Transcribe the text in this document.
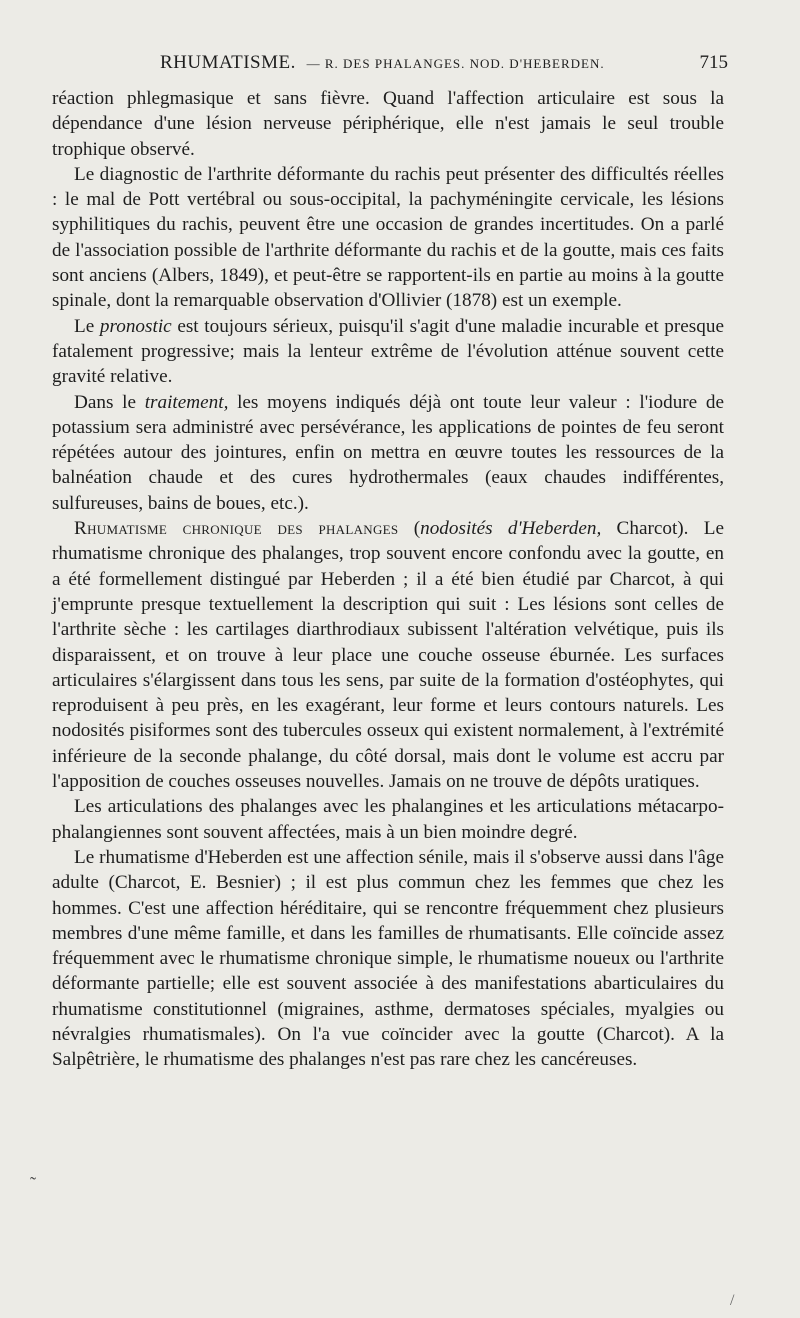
RHUMATISME. — R. DES PHALANGES. NOD. D'HEBERDEN.	715

réaction phlegmasique et sans fièvre. Quand l'affection articulaire est sous la dépendance d'une lésion nerveuse périphérique, elle n'est jamais le seul trouble trophique observé.

Le diagnostic de l'arthrite déformante du rachis peut présenter des difficultés réelles : le mal de Pott vertébral ou sous-occipital, la pachyméningite cervicale, les lésions syphilitiques du rachis, peuvent être une occasion de grandes incertitudes. On a parlé de l'association possible de l'arthrite déformante du rachis et de la goutte, mais ces faits sont anciens (Albers, 1849), et peut-être se rapportent-ils en partie au moins à la goutte spinale, dont la remarquable observation d'Ollivier (1878) est un exemple.

Le pronostic est toujours sérieux, puisqu'il s'agit d'une maladie incurable et presque fatalement progressive; mais la lenteur extrême de l'évolution atténue souvent cette gravité relative.

Dans le traitement, les moyens indiqués déjà ont toute leur valeur : l'iodure de potassium sera administré avec persévérance, les applications de pointes de feu seront répétées autour des jointures, enfin on mettra en œuvre toutes les ressources de la balnéation chaude et des cures hydrothermales (eaux chaudes indifférentes, sulfureuses, bains de boues, etc.).

Rhumatisme chronique des phalanges (nodosités d'Heberden, Charcot). Le rhumatisme chronique des phalanges, trop souvent encore confondu avec la goutte, en a été formellement distingué par Heberden ; il a été bien étudié par Charcot, à qui j'emprunte presque textuellement la description qui suit : Les lésions sont celles de l'arthrite sèche : les cartilages diarthrodiaux subissent l'altération velvétique, puis ils disparaissent, et on trouve à leur place une couche osseuse éburnée. Les surfaces articulaires s'élargissent dans tous les sens, par suite de la formation d'ostéophytes, qui reproduisent à peu près, en les exagérant, leur forme et leurs contours naturels. Les nodosités pisiformes sont des tubercules osseux qui existent normalement, à l'extrémité inférieure de la seconde phalange, du côté dorsal, mais dont le volume est accru par l'apposition de couches osseuses nouvelles. Jamais on ne trouve de dépôts uratiques.

Les articulations des phalanges avec les phalangines et les articulations métacarpo-phalangiennes sont souvent affectées, mais à un bien moindre degré.

Le rhumatisme d'Heberden est une affection sénile, mais il s'observe aussi dans l'âge adulte (Charcot, E. Besnier) ; il est plus commun chez les femmes que chez les hommes. C'est une affection héréditaire, qui se rencontre fréquemment chez plusieurs membres d'une même famille, et dans les familles de rhumatisants. Elle coïncide assez fréquemment avec le rhumatisme chronique simple, le rhumatisme noueux ou l'arthrite déformante partielle; elle est souvent associée à des manifestations abarticulaires du rhumatisme constitutionnel (migraines, asthme, dermatoses spéciales, myalgies ou névralgies rhumatismales). On l'a vue coïncider avec la goutte (Charcot). A la Salpêtrière, le rhumatisme des phalanges n'est pas rare chez les cancéreuses.

˷
/
